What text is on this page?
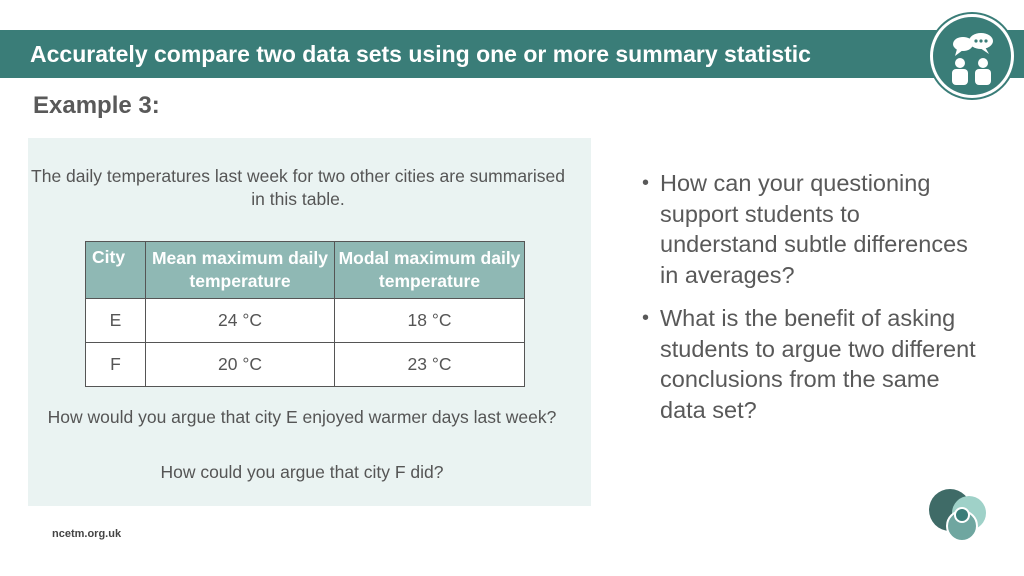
Accurately compare two data sets using one or more summary statistic
Example 3:
The daily temperatures last week for two other cities are summarised in this table.
City	Mean maximum daily temperature	Modal maximum daily temperature
E	24 °C	18 °C
F	20 °C	23 °C
How would you argue that city E enjoyed warmer days last week?
How could you argue that city F did?
• How can your questioning support students to understand subtle differences in averages?
• What is the benefit of asking students to argue two different conclusions from the same data set?
ncetm.org.uk
